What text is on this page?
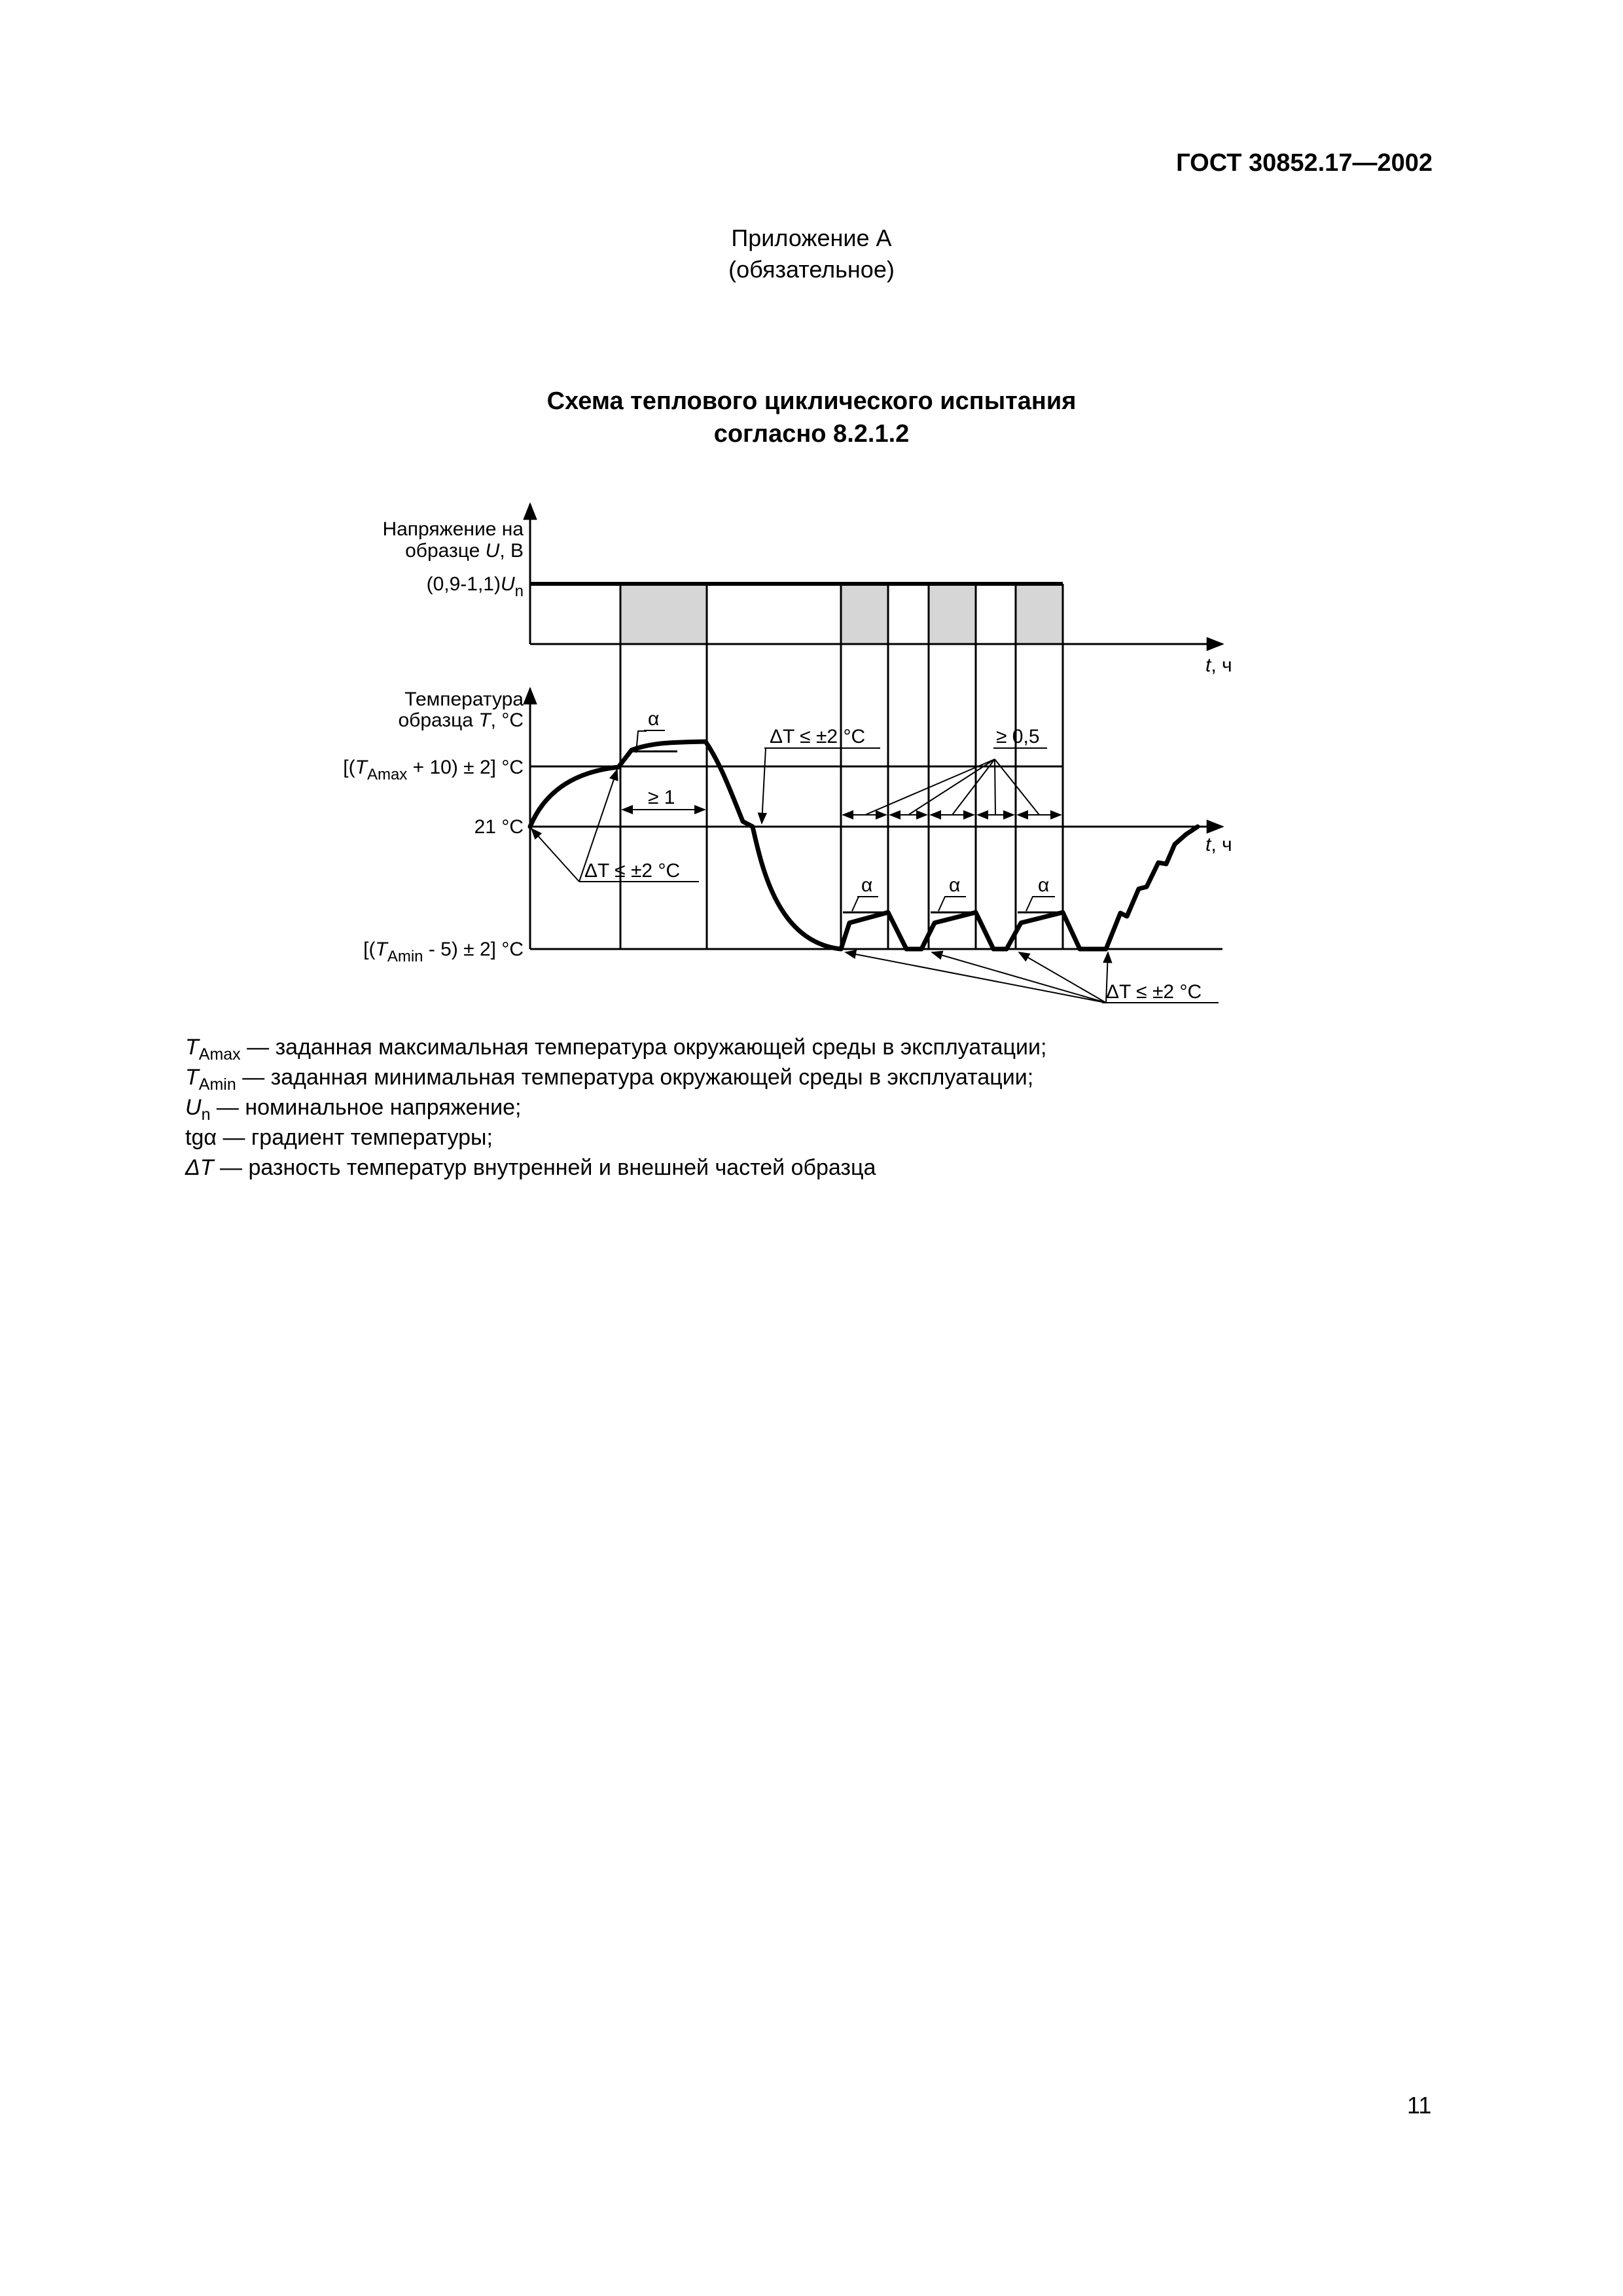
ГОСТ 30852.17—2002
Приложение А
(обязательное)
Схема теплового циклического испытания
согласно 8.2.1.2
Напряжение на
образце U, В
$(0,9-1,1)U_n$
t, ч
Температура
образца T, °C
$[(T_{Amax} + 10) \pm 2]$ °C
21 °C
$[(T_{Amin} - 5) \pm 2]$ °C
t, ч
α
α	α	α
≥ 1
≥ 0,5
ΔT ≤ ±2 °C
ΔT ≤ ±2 °C
ΔT ≤ ±2 °C
$T_{Amax}$ — заданная максимальная температура окружающей среды в эксплуатации;
$T_{Amin}$ — заданная минимальная температура окружающей среды в эксплуатации;
$U_n$ — номинальное напряжение;
tgα — градиент температуры;
ΔT — разность температур внутренней и внешней частей образца
11
